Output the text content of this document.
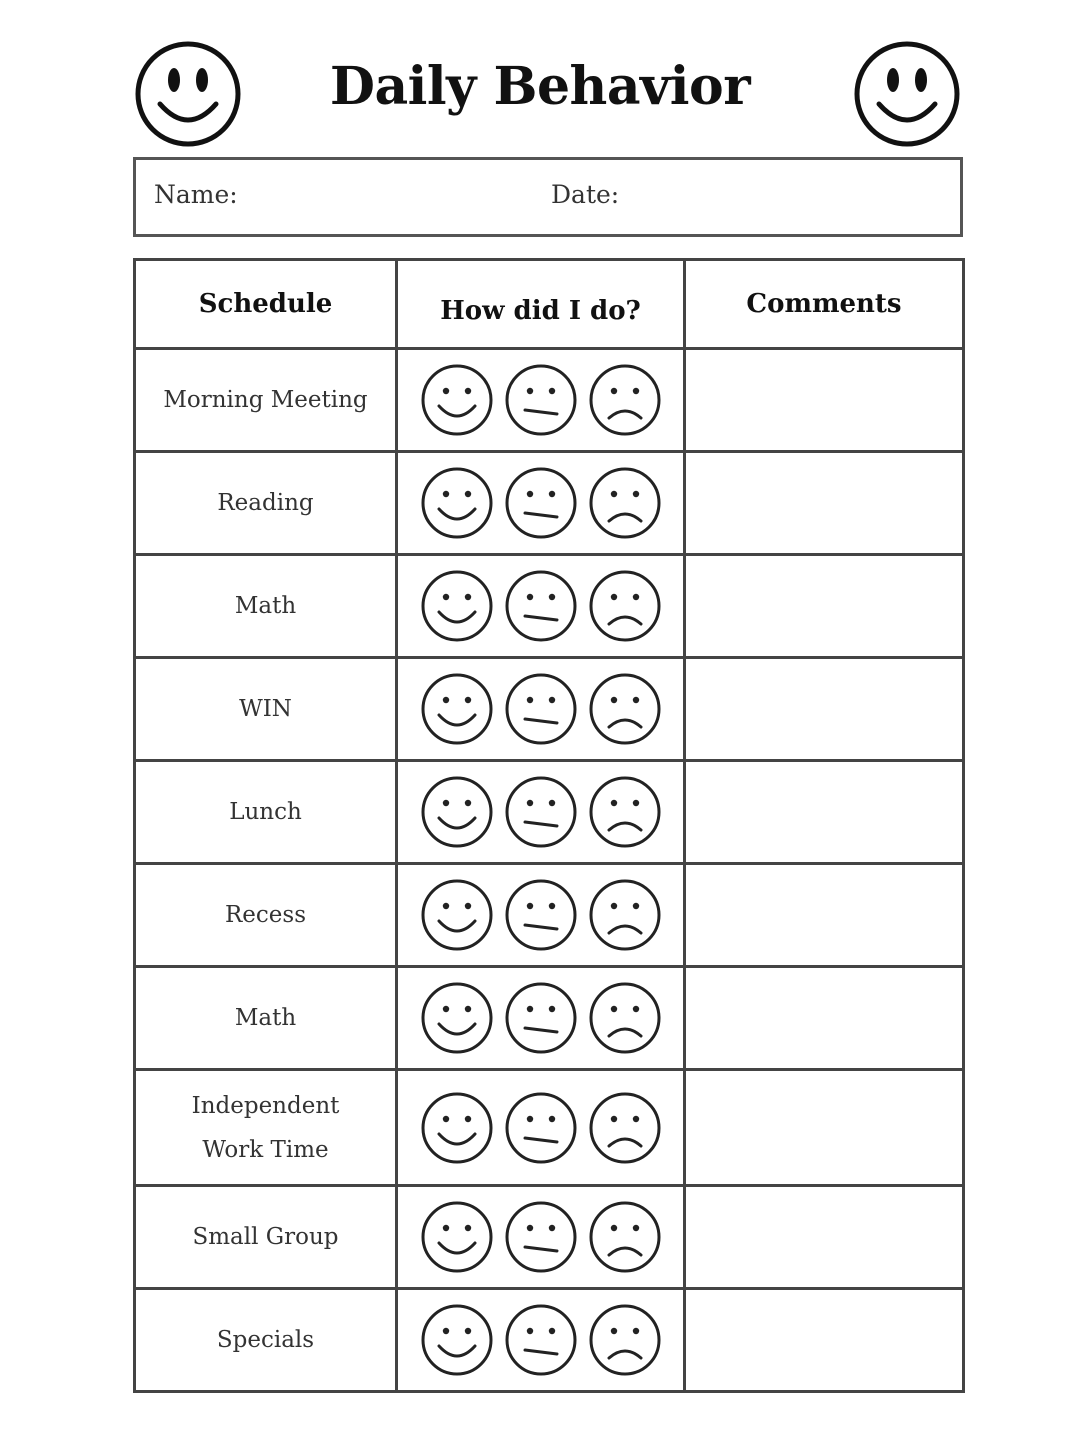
Daily Behavior
Name:	Date:
Schedule	How did I do?	Comments
Morning Meeting		
Reading		
Math		
WIN		
Lunch		
Recess		
Math		
Independent Work Time		
Small Group		
Specials		
